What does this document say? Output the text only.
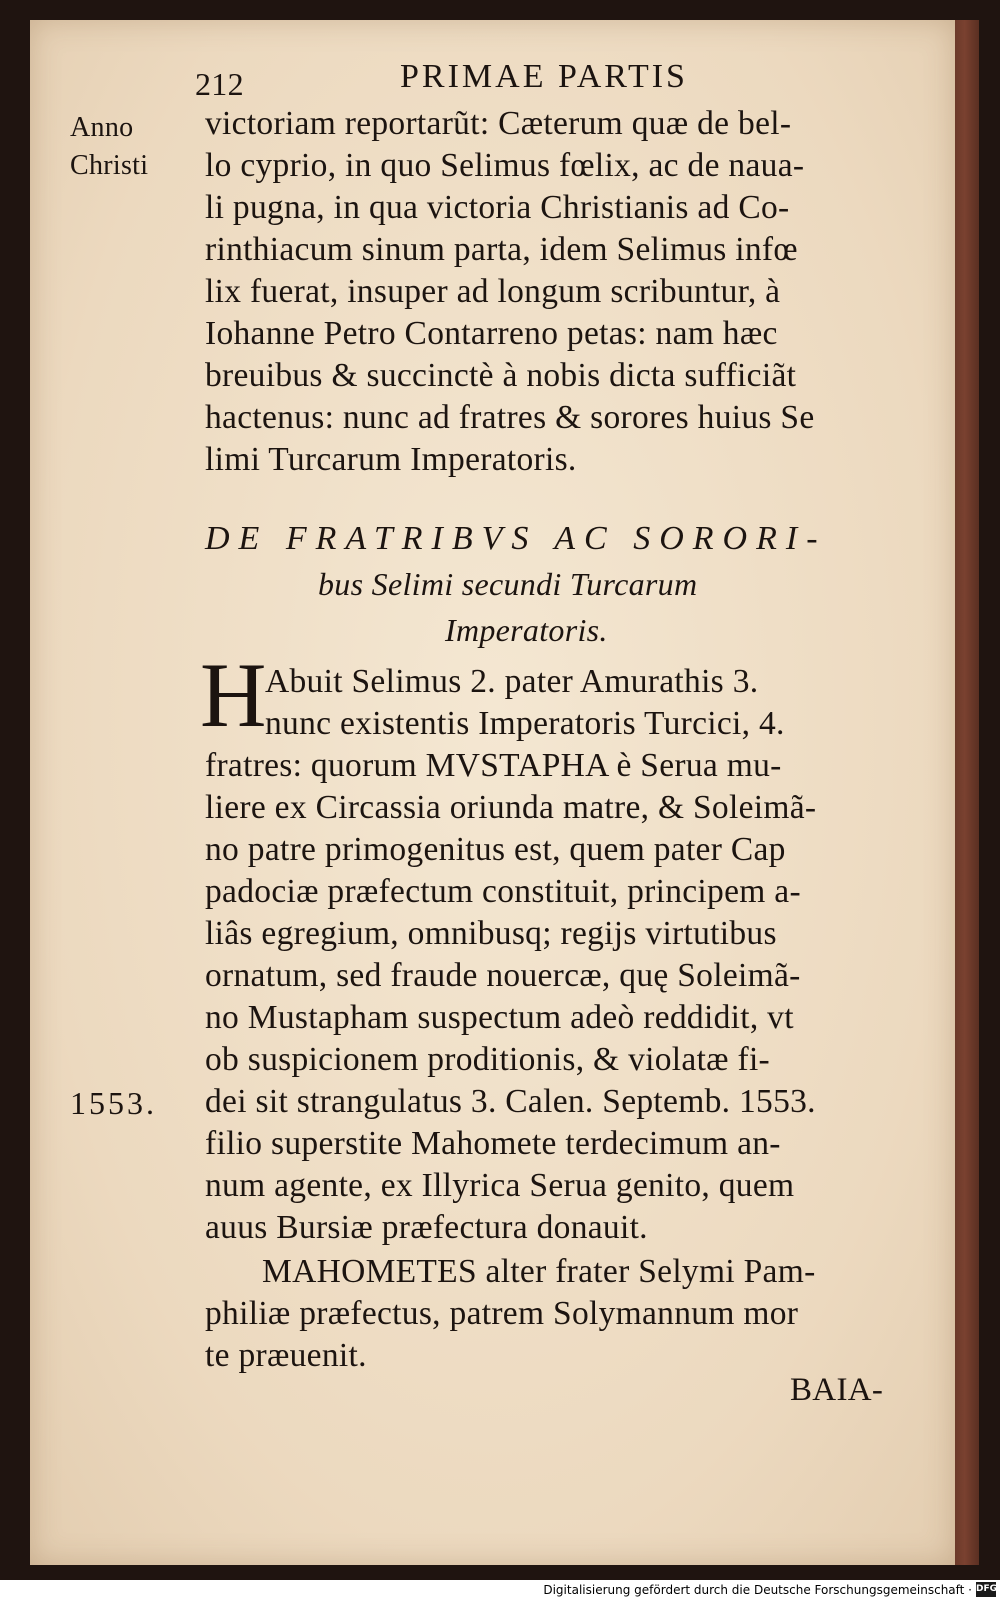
212	PRIMAE PARTIS
Anno
Christi
1553.
victoriam reportarũt: Cæterum quæ de bel-
lo cyprio, in quo Selimus fœlix, ac de naua-
li pugna, in qua victoria Christianis ad Co-
rinthiacum sinum parta, idem Selimus infœ
lix fuerat, insuper ad longum scribuntur, à
Iohanne Petro Contarreno petas: nam hæc
breuibus & succinctè à nobis dicta sufficiãt
hactenus: nunc ad fratres & sorores huius Se
limi Turcarum Imperatoris.
DE FRATRIBVS AC SORORI-
bus Selimi secundi Turcarum
Imperatoris.
H
Abuit Selimus 2. pater Amurathis 3.
nunc existentis Imperatoris Turcici, 4.
fratres: quorum MVSTAPHA è Serua mu-
liere ex Circassia oriunda matre, & Soleimã-
no patre primogenitus est, quem pater Cap
padociæ præfectum constituit, principem a-
liâs egregium, omnibusq; regijs virtutibus
ornatum, sed fraude nouercæ, quę Soleimã-
no Mustapham suspectum adeò reddidit, vt
ob suspicionem proditionis, & violatæ fi-
dei sit strangulatus 3. Calen. Septemb. 1553.
filio superstite Mahomete terdecimum an-
num agente, ex Illyrica Serua genito, quem
auus Bursiæ præfectura donauit.
MAHOMETES alter frater Selymi Pam-
philiæ præfectus, patrem Solymannum mor
te præuenit.
BAIA-
Digitalisierung gefördert durch die Deutsche Forschungsgemeinschaft · DFG
